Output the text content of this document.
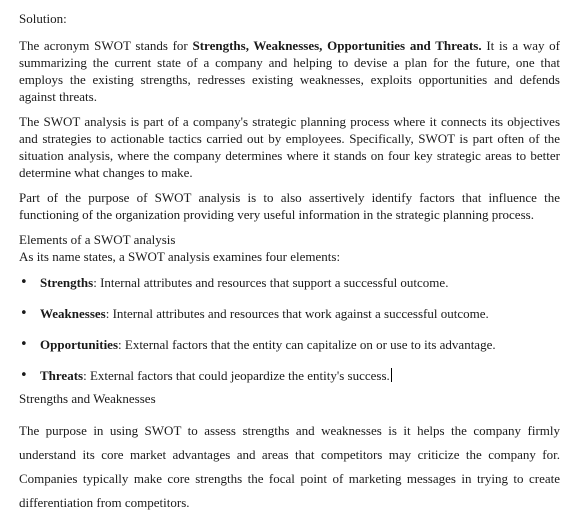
Solution:

The acronym SWOT stands for Strengths, Weaknesses, Opportunities and Threats. It is a way of summarizing the current state of a company and helping to devise a plan for the future, one that employs the existing strengths, redresses existing weaknesses, exploits opportunities and defends against threats.

The SWOT analysis is part of a company's strategic planning process where it connects its objectives and strategies to actionable tactics carried out by employees. Specifically, SWOT is part often of the situation analysis, where the company determines where it stands on four key strategic areas to better determine what changes to make.

Part of the purpose of SWOT analysis is to also assertively identify factors that influence the functioning of the organization providing very useful information in the strategic planning process.

Elements of a SWOT analysis

As its name states, a SWOT analysis examines four elements:

• Strengths: Internal attributes and resources that support a successful outcome.
• Weaknesses: Internal attributes and resources that work against a successful outcome.
• Opportunities: External factors that the entity can capitalize on or use to its advantage.
• Threats: External factors that could jeopardize the entity's success.

Strengths and Weaknesses

The purpose in using SWOT to assess strengths and weaknesses is it helps the company firmly understand its core market advantages and areas that competitors may criticize the company for. Companies typically make core strengths the focal point of marketing messages in trying to create differentiation from competitors.
